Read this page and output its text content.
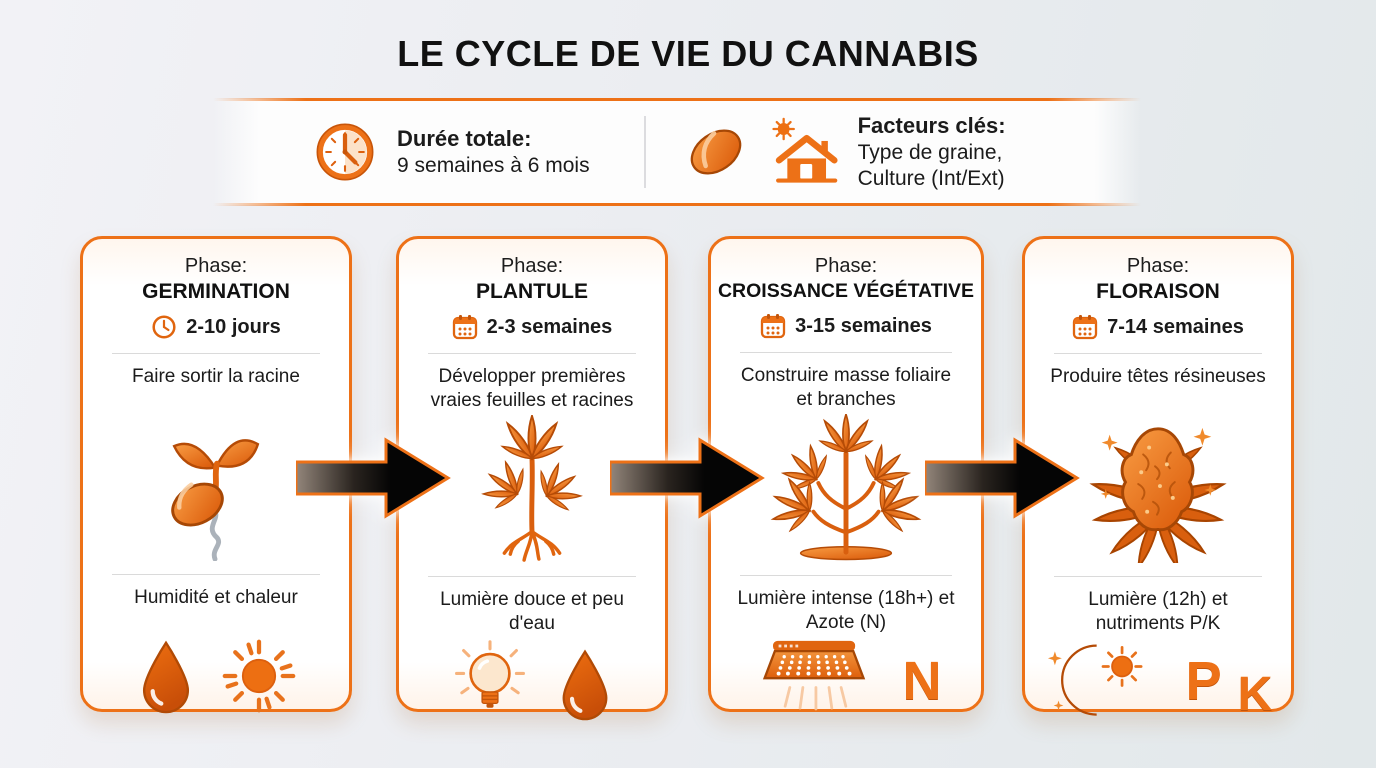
LE CYCLE DE VIE DU CANNABIS
Durée totale:
9 semaines à 6 mois
Facteurs clés:
Type de graine,
Culture (Int/Ext)
Phase:
GERMINATION
2-10 jours
Faire sortir la racine
Humidité et chaleur
Phase:
PLANTULE
2-3 semaines
Développer premières vraies feuilles et racines
Lumière douce et peu d'eau
Phase:
CROISSANCE VÉGÉTATIVE
3-15 semaines
Construire masse foliaire et branches
Lumière intense (18h+) et Azote (N)
N
Phase:
FLORAISON
7-14 semaines
Produire têtes résineuses
Lumière (12h) et nutriments P/K
P K
